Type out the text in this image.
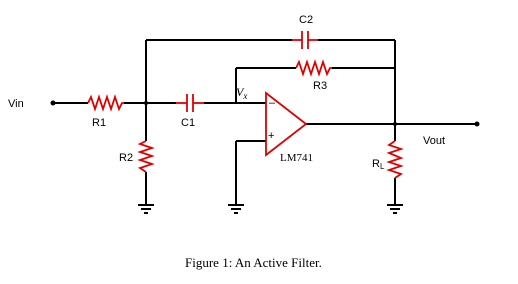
–
+
Vin
R1	C1
R2
R3
C2
Vout
RL
$V_x$
LM741
Figure 1: An Active Filter.
